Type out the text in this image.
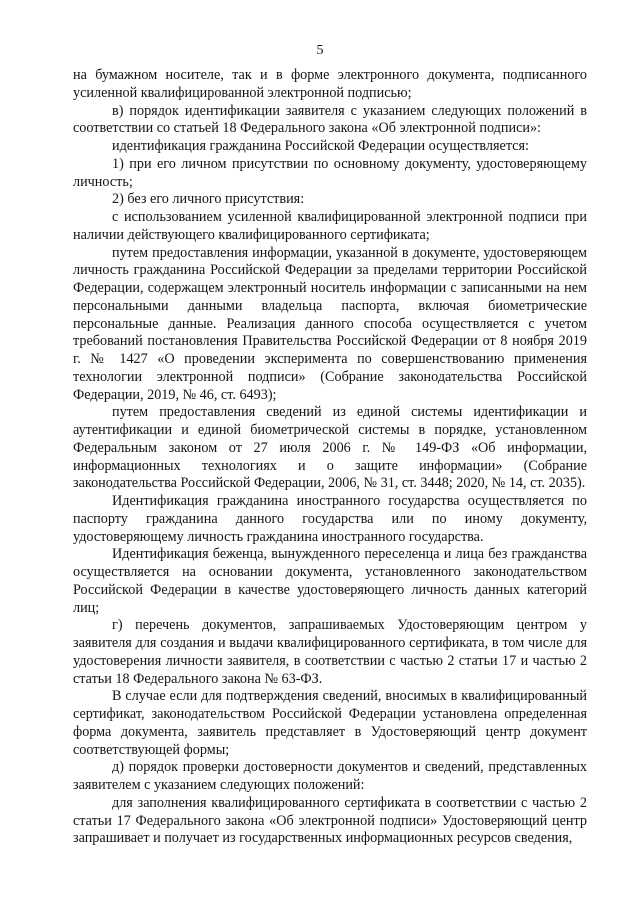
5

на бумажном носителе, так и в форме электронного документа, подписанного усиленной квалифицированной электронной подписью;

в) порядок идентификации заявителя с указанием следующих положений в соответствии со статьей 18 Федерального закона «Об электронной подписи»:

идентификация гражданина Российской Федерации осуществляется:

1) при его личном присутствии по основному документу, удостоверяющему личность;

2) без его личного присутствия:

с использованием усиленной квалифицированной электронной подписи при наличии действующего квалифицированного сертификата;

путем предоставления информации, указанной в документе, удостоверяющем личность гражданина Российской Федерации за пределами территории Российской Федерации, содержащем электронный носитель информации с записанными на нем персональными данными владельца паспорта, включая биометрические персональные данные. Реализация данного способа осуществляется с учетом требований постановления Правительства Российской Федерации от 8 ноября 2019 г. № 1427 «О проведении эксперимента по совершенствованию применения технологии электронной подписи» (Собрание законодательства Российской Федерации, 2019, № 46, ст. 6493);

путем предоставления сведений из единой системы идентификации и аутентификации и единой биометрической системы в порядке, установленном Федеральным законом от 27 июля 2006 г. № 149-ФЗ «Об информации, информационных технологиях и о защите информации» (Собрание законодательства Российской Федерации, 2006, № 31, ст. 3448; 2020, № 14, ст. 2035).

Идентификация гражданина иностранного государства осуществляется по паспорту гражданина данного государства или по иному документу, удостоверяющему личность гражданина иностранного государства.

Идентификация беженца, вынужденного переселенца и лица без гражданства осуществляется на основании документа, установленного законодательством Российской Федерации в качестве удостоверяющего личность данных категорий лиц;

г) перечень документов, запрашиваемых Удостоверяющим центром у заявителя для создания и выдачи квалифицированного сертификата, в том числе для удостоверения личности заявителя, в соответствии с частью 2 статьи 17 и частью 2 статьи 18 Федерального закона № 63-ФЗ.

В случае если для подтверждения сведений, вносимых в квалифицированный сертификат, законодательством Российской Федерации установлена определенная форма документа, заявитель представляет в Удостоверяющий центр документ соответствующей формы;

д) порядок проверки достоверности документов и сведений, представленных заявителем с указанием следующих положений:

для заполнения квалифицированного сертификата в соответствии с частью 2 статьи 17 Федерального закона «Об электронной подписи» Удостоверяющий центр запрашивает и получает из государственных информационных ресурсов сведения,
